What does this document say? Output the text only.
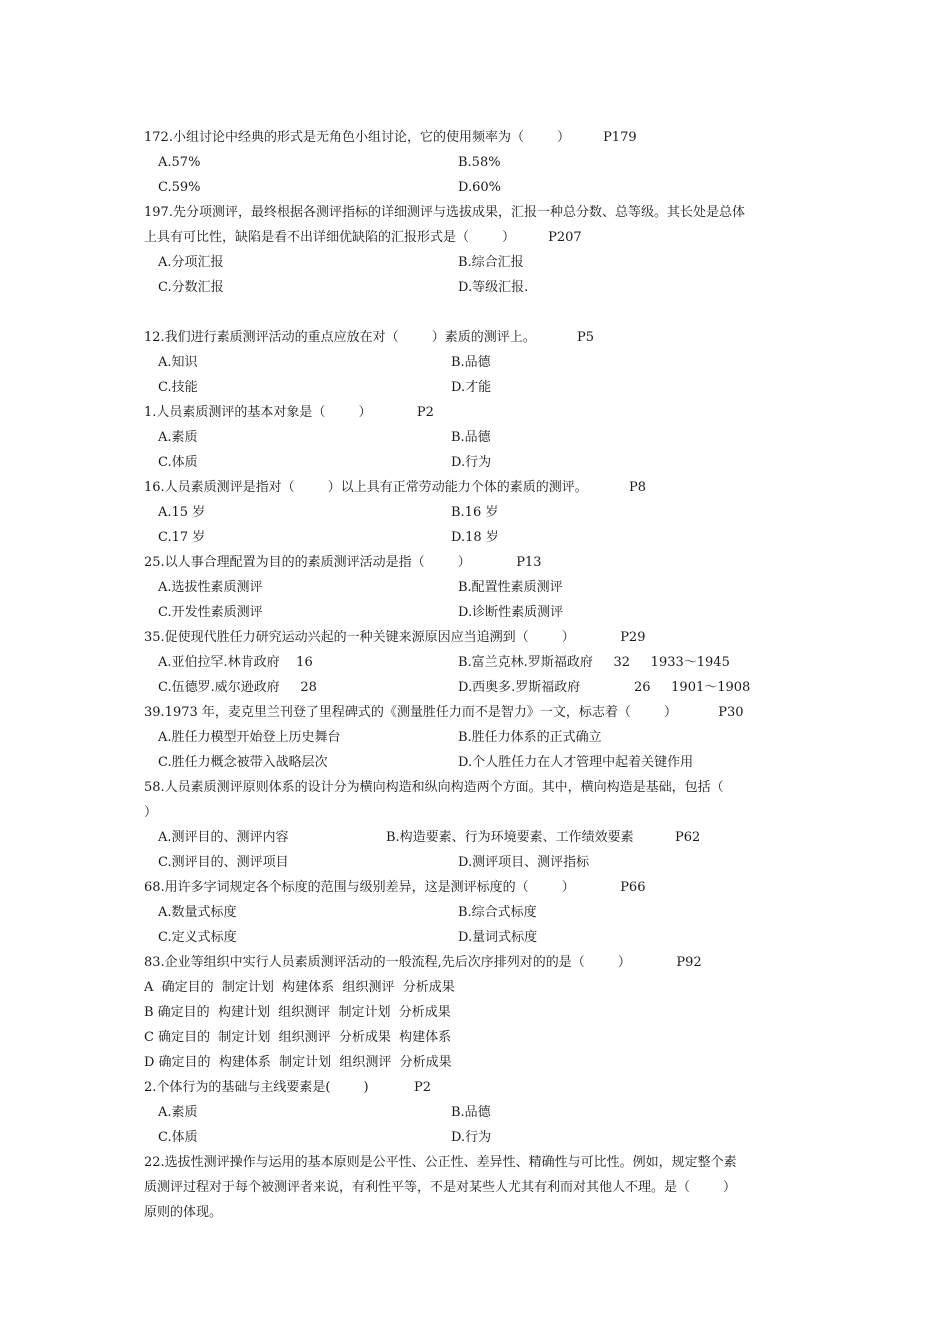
172.小组讨论中经典的形式是无角色小组讨论，它的使用频率为（        ）        P179
A.57%	B.58%
C.59%	D.60%
197.先分项测评，最终根据各测评指标的详细测评与选拔成果，汇报一种总分数、总等级。其长处是总体
上具有可比性，缺陷是看不出详细优缺陷的汇报形式是（        ）        P207
A.分项汇报	B.综合汇报
C.分数汇报	D.等级汇报.
12.我们进行素质测评活动的重点应放在对（        ）素质的测评上。          P5
A.知识	B.品德
C.技能	D.才能
1.人员素质测评的基本对象是（        ）           P2
A.素质	B.品德
C.体质	D.行为
16.人员素质测评是指对（        ）以上具有正常劳动能力个体的素质的测评。          P8
A.15 岁	B.16 岁
C.17 岁	D.18 岁
25.以人事合理配置为目的的素质测评活动是指（        ）           P13
A.选拔性素质测评	B.配置性素质测评
C.开发性素质测评	D.诊断性素质测评
35.促使现代胜任力研究运动兴起的一种关键来源原因应当追溯到（        ）           P29
A.亚伯拉罕.林肯政府    16	B.富兰克林.罗斯福政府     32     1933～1945
C.伍德罗.威尔逊政府     28	D.西奥多.罗斯福政府             26     1901～1908
39.1973 年，麦克里兰刊登了里程碑式的《测量胜任力而不是智力》一文，标志着（        ）          P30
A.胜任力模型开始登上历史舞台	B.胜任力体系的正式确立
C.胜任力概念被带入战略层次	D.个人胜任力在人才管理中起着关键作用
58.人员素质测评原则体系的设计分为横向构造和纵向构造两个方面。其中，横向构造是基础，包括（
）
A.测评目的、测评内容	B.构造要素、行为环境要素、工作绩效要素          P62
C.测评目的、测评项目	D.测评项目、测评指标
68.用许多字词规定各个标度的范围与级别差异，这是测评标度的（        ）           P66
A.数量式标度	B.综合式标度
C.定义式标度	D.量词式标度
83.企业等组织中实行人员素质测评活动的一般流程,先后次序排列对的的是（        ）           P92
A  确定目的  制定计划  构建体系  组织测评  分析成果
B 确定目的  构建计划  组织测评  制定计划  分析成果
C 确定目的  制定计划  组织测评  分析成果  构建体系
D 确定目的  构建体系  制定计划  组织测评  分析成果
2.个体行为的基础与主线要素是(        )           P2
A.素质	B.品德
C.体质	D.行为
22.选拔性测评操作与运用的基本原则是公平性、公正性、差异性、精确性与可比性。例如，规定整个素
质测评过程对于每个被测评者来说，有利性平等，不是对某些人尤其有利而对其他人不理。是（        ）
原则的体现。
